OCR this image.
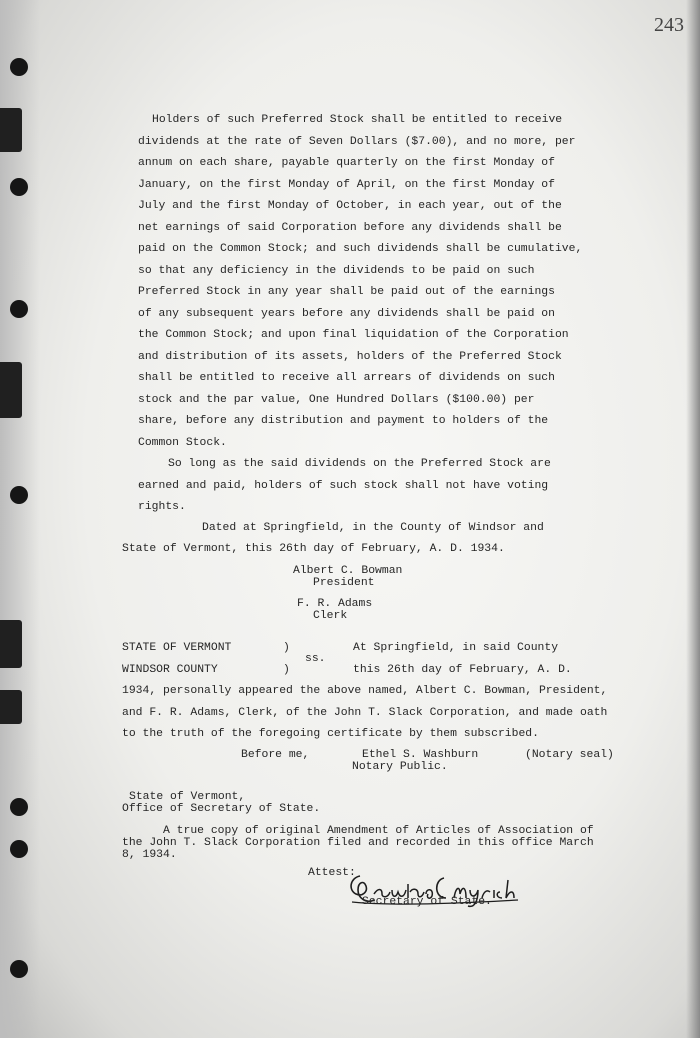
243
Holders of such Preferred Stock shall be entitled to receive
dividends at the rate of Seven Dollars ($7.00), and no more, per
annum on each share, payable quarterly on the first Monday of
January, on the first Monday of April, on the first Monday of
July and the first Monday of October, in each year, out of the
net earnings of said Corporation before any dividends shall be
paid on the Common Stock; and such dividends shall be cumulative,
so that any deficiency in the dividends to be paid on such
Preferred Stock in any year shall be paid out of the earnings
of any subsequent years before any dividends shall be paid on
the Common Stock; and upon final liquidation of the Corporation
and distribution of its assets, holders of the Preferred Stock
shall be entitled to receive all arrears of dividends on such
stock and the par value, One Hundred Dollars ($100.00) per
share, before any distribution and payment to holders of the
Common Stock.
So long as the said dividends on the Preferred Stock are
earned and paid, holders of such stock shall not have voting
rights.
Dated at Springfield, in the County of Windsor and
State of Vermont, this 26th day of February, A. D. 1934.
Albert C. Bowman
President
F. R. Adams
Clerk
STATE OF VERMONT	)	At Springfield, in said County
ss.
WINDSOR COUNTY	)	this 26th day of February, A. D.
1934, personally appeared the above named, Albert C. Bowman, President,
and F. R. Adams, Clerk, of the John T. Slack Corporation, and made oath
to the truth of the foregoing certificate by them subscribed.
Before me,	Ethel S. Washburn	(Notary seal)
Notary Public.
State of Vermont,
Office of Secretary of State.
A true copy of original Amendment of Articles of Association of
the John T. Slack Corporation filed and recorded in this office March
8, 1934.
Attest:
Secretary of State.
